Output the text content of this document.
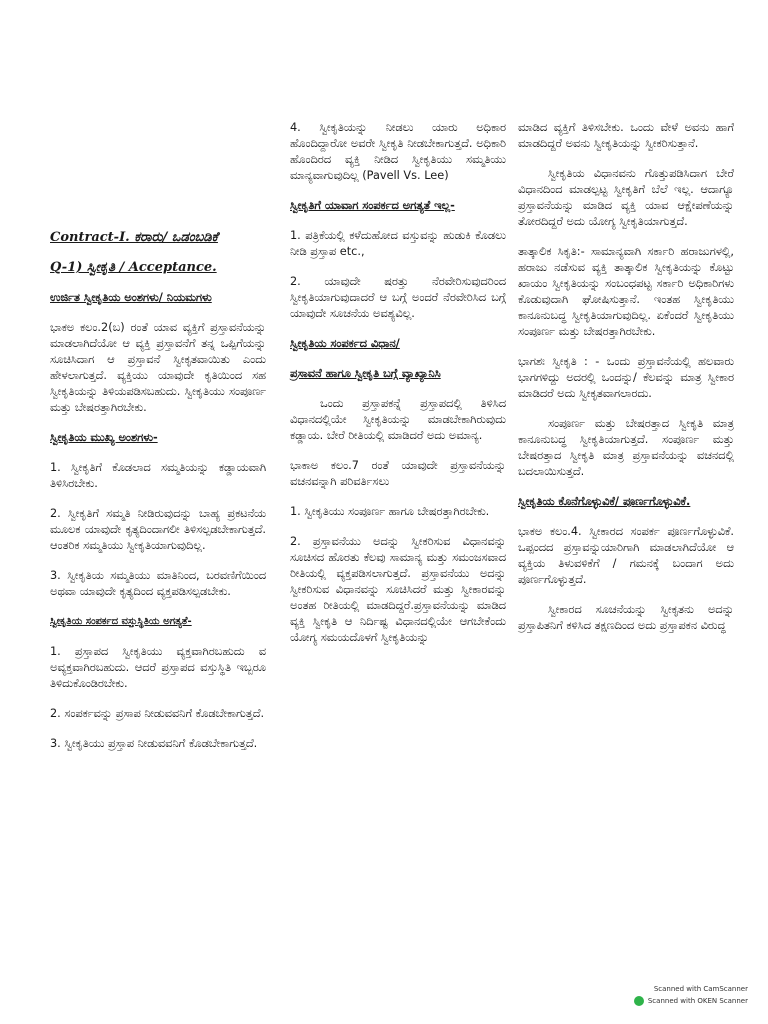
Contract-I. ಕರಾರು/ ಒಡಂಬಡಿಕೆ

Q-1) ಸ್ವೀಕೃತಿ / Acceptance.

ಉರ್ಜಿತ ಸ್ವೀಕೃತಿಯ ಅಂಶಗಳು/ ನಿಯಮಗಳು

ಭಾಕಅ ಕಲಂ.2(ಬ) ರಂತೆ ಯಾವ ವ್ಯಕ್ತಿಗೆ ಪ್ರಸ್ತಾವನೆಯನ್ನು ಮಾಡಲಾಗಿದೆಯೋ ಆ ವ್ಯಕ್ತಿ ಪ್ರಸ್ತಾವನೆಗೆ ತನ್ನ ಒಪ್ಪಿಗೆಯನ್ನು ಸೂಚಿಸಿದಾಗ ಆ ಪ್ರಸ್ತಾವನೆ ಸ್ವೀಕೃತವಾಯಿತು ಎಂದು ಹೇಳಲಾಗುತ್ತದೆ. ವ್ಯಕ್ತಿಯು ಯಾವುದೇ ಕೃತಿಯಿಂದ ಸಹ ಸ್ವೀಕೃತಿಯನ್ನು ತಿಳಿಯಪಡಿಸಬಹುದು. ಸ್ವೀಕೃತಿಯು ಸಂಪೂರ್ಣ ಮತ್ತು ಬೇಷರತ್ತಾಗಿರಬೇಕು.

ಸ್ವೀಕೃತಿಯ ಮುಖ್ಯ ಅಂಶಗಳು-

1. ಸ್ವೀಕೃತಿಗೆ ಕೊಡಲಾದ ಸಮ್ಮತಿಯನ್ನು ಕಡ್ಡಾಯವಾಗಿ ತಿಳಿಸಿರಬೇಕು.

2. ಸ್ವೀಕೃತಿಗೆ ಸಮ್ಮತಿ ನೀಡಿರುವುದನ್ನು ಬಾಹ್ಯ ಪ್ರಕಟನೆಯ ಮೂಲಕ ಯಾವುದೇ ಕೃತ್ಯದಿಂದಾಗಲೀ ತಿಳಿಸಲ್ಪಡಬೇಕಾಗುತ್ತದೆ. ಆಂತರಿಕ ಸಮ್ಮತಿಯು ಸ್ವೀಕೃತಿಯಾಗುವುದಿಲ್ಲ.

3. ಸ್ವೀಕೃತಿಯ ಸಮ್ಮತಿಯು ಮಾತಿನಿಂದ, ಬರವಣಿಗೆಯಿಂದ ಅಥವಾ ಯಾವುದೇ ಕೃತ್ಯದಿಂದ ವ್ಯಕ್ತಪಡಿಸಲ್ಪಡಬೇಕು.

ಸ್ವೀಕೃತಿಯ ಸಂಪರ್ಕದ ವಸ್ತುಸ್ಥಿತಿಯ ಅಗತ್ಯತೆ-

1. ಪ್ರಸ್ತಾಪದ ಸ್ವೀಕೃತಿಯು ವ್ಯಕ್ತವಾಗಿರಬಹುದು ವ ಅವ್ಯಕ್ತವಾಗಿರಬಹುದು. ಆದರೆ ಪ್ರಸ್ತಾಪದ ವಸ್ತುಸ್ಥಿತಿ ಇಬ್ಬರೂ ತಿಳಿದುಕೊಂಡಿರಬೇಕು.

2. ಸಂಪರ್ಕವನ್ನು ಪ್ರಸಾಪ ನೀಡುವವನಿಗೆ ಕೊಡಬೇಕಾಗುತ್ತದೆ.

3. ಸ್ವೀಕೃತಿಯು ಪ್ರಸ್ತಾಪ ನೀಡುವವನಿಗೆ ಕೊಡಬೇಕಾಗುತ್ತದೆ.

4. ಸ್ವೀಕೃತಿಯನ್ನು ನೀಡಲು ಯಾರು ಅಧಿಕಾರ ಹೊಂದಿದ್ದಾರೋ ಅವರೇ ಸ್ವೀಕೃತಿ ನೀಡಬೇಕಾಗುತ್ತದೆ. ಅಧಿಕಾರಿ ಹೊಂದಿರದ ವ್ಯಕ್ತಿ ನೀಡಿದ ಸ್ವೀಕೃತಿಯು ಸಮ್ಮತಿಯು ಮಾನ್ಯವಾಗುವುದಿಲ್ಲ (Pavell Vs. Lee)

ಸ್ವೀಕೃತಿಗೆ ಯಾವಾಗ ಸಂಪರ್ಕದ ಅಗತ್ಯತೆ ಇಲ್ಲ-

1. ಪತ್ರಿಕೆಯಲ್ಲಿ ಕಳೆದುಹೋದ ವಸ್ತುವನ್ನು ಹುಡುಕಿ ಕೊಡಲು ನೀಡಿ ಪ್ರಸ್ತಾಪ etc.,

2. ಯಾವುದೇ ಷರತ್ತು ನೆರವೇರಿಸುವುದರಿಂದ ಸ್ವೀಕೃತಿಯಾಗುವುದಾದರೆ ಆ ಬಗ್ಗೆ ಅಂದರೆ ನೆರವೇರಿಸಿದ ಬಗ್ಗೆ ಯಾವುದೇ ಸೂಚನೆಯ ಅವಶ್ಯವಿಲ್ಲ.

ಸ್ವೀಕೃತಿಯ ಸಂಪರ್ಕದ ವಿಧಾನ/

ಪ್ರಸಾವನೆ ಹಾಗೂ ಸ್ವೀಕೃತಿ ಬಗ್ಗೆ ವ್ಯಾಖ್ಯಾನಿಸಿ

ಒಂದು ಪ್ರಸ್ತಾಪಕನ್ನೆ ಪ್ರಸ್ತಾಪದಲ್ಲಿ ತಿಳಿಸಿದ ವಿಧಾನದಲ್ಲಿಯೇ ಸ್ವೀಕೃತಿಯನ್ನು ಮಾಡಬೇಕಾಗಿರುವುದು ಕಡ್ಡಾಯ. ಬೇರೆ ರೀತಿಯಲ್ಲಿ ಮಾಡಿದರೆ ಅದು ಅಮಾನ್ಯ.

ಭಾಕಾಅ ಕಲಂ.7 ರಂತೆ ಯಾವುದೇ ಪ್ರಸ್ತಾವನೆಯನ್ನು ವಚನವನ್ನಾಗಿ ಪರಿವರ್ತಿಸಲು

1. ಸ್ವೀಕೃತಿಯು ಸಂಪೂರ್ಣ ಹಾಗೂ ಬೇಷರತ್ತಾಗಿರಬೇಕು.

2. ಪ್ರಸ್ತಾವನೆಯು ಅದನ್ನು ಸ್ವೀಕರಿಸುವ ವಿಧಾನವನ್ನು ಸೂಚಿಸದ ಹೊರತು ಕೆಲವು ಸಾಮಾನ್ಯ ಮತ್ತು ಸಮಂಜಸವಾದ ರೀತಿಯಲ್ಲಿ ವ್ಯಕ್ತಪಡಿಸಲಾಗುತ್ತದೆ. ಪ್ರಸ್ತಾವನೆಯು ಅದನ್ನು ಸ್ವೀಕರಿಸುವ ವಿಧಾನವನ್ನು ಸೂಚಿಸಿದರೆ ಮತ್ತು ಸ್ವೀಕಾರವನ್ನು ಅಂತಹ ರೀತಿಯಲ್ಲಿ ಮಾಡದಿದ್ದರೆ.ಪ್ರಸ್ತಾವನೆಯನ್ನು ಮಾಡಿದ ವ್ಯಕ್ತಿ ಸ್ವೀಕೃತಿ ಆ ನಿರ್ದಿಷ್ಟ ವಿಧಾನದಲ್ಲಿಯೇ ಆಗಬೇಕೆಂದು ಯೋಗ್ಯ ಸಮಯದೊಳಗೆ ಸ್ವೀಕೃತಿಯನ್ನು

ಮಾಡಿದ ವ್ಯಕ್ತಿಗೆ ತಿಳಿಸಬೇಕು. ಒಂದು ವೇಳೆ ಅವನು ಹಾಗೆ ಮಾಡದಿದ್ದರೆ ಅವನು ಸ್ವೀಕೃತಿಯನ್ನು ಸ್ವೀಕರಿಸುತ್ತಾನೆ.

ಸ್ವೀಕೃತಿಯ ವಿಧಾನವನು ಗೊತ್ತುಪಡಿಸಿದಾಗ ಬೇರೆ ವಿಧಾನದಿಂದ ಮಾಡಲ್ಪಟ್ಟ ಸ್ವೀಕೃತಿಗೆ ಬೆಲೆ ಇಲ್ಲ. ಆದಾಗ್ಯೂ ಪ್ರಸ್ತಾವನೆಯನ್ನು ಮಾಡಿದ ವ್ಯಕ್ತಿ ಯಾವ ಆಕ್ಷೇಪಣೆಯನ್ನು ತೋರದಿದ್ದರೆ ಅದು ಯೋಗ್ಯ ಸ್ವೀಕೃತಿಯಾಗುತ್ತದೆ.

ತಾತ್ಕಾಲಿಕ ಸಿಕೃತಿ:- ಸಾಮಾನ್ಯವಾಗಿ ಸರ್ಕಾರಿ ಹರಾಜುಗಳಲ್ಲಿ, ಹರಾಜು ನಡೆಸುವ ವ್ಯಕ್ತಿ ತಾತ್ಕಾಲಿಕ ಸ್ವೀಕೃತಿಯನ್ನು ಕೊಟ್ಟು ಖಾಯಂ ಸ್ವೀಕೃತಿಯನ್ನು ಸಂಬಂಧಪಟ್ಟ ಸರ್ಕಾರಿ ಅಧಿಕಾರಿಗಳು ಕೊಡುವುದಾಗಿ ಘೋಷಿಸುತ್ತಾನೆ. ಇಂತಹ ಸ್ವೀಕೃತಿಯು ಕಾನೂನುಬದ್ಧ ಸ್ವೀಕೃತಿಯಾಗುವುದಿಲ್ಲ. ಏಕೆಂದರೆ ಸ್ವೀಕೃತಿಯು ಸಂಪೂರ್ಣ ಮತ್ತು ಬೇಷರತ್ತಾಗಿರಬೇಕು.

ಭಾಗಶಃ ಸ್ವೀಕೃತಿ : - ಒಂದು ಪ್ರಸ್ತಾವನೆಯಲ್ಲಿ ಹಲವಾರು ಭಾಗಗಳಿದ್ದು ಅದರಲ್ಲಿ ಒಂದನ್ನು/ ಕೆಲವನ್ನು ಮಾತ್ರ ಸ್ವೀಕಾರ ಮಾಡಿದರೆ ಅದು ಸ್ವೀಕೃತವಾಗಲಾರದು.

ಸಂಪೂರ್ಣ ಮತ್ತು ಬೇಷರತ್ತಾದ ಸ್ವೀಕೃತಿ ಮಾತ್ರ ಕಾನೂನುಬದ್ಧ ಸ್ವೀಕೃತಿಯಾಗುತ್ತದೆ. ಸಂಪೂರ್ಣ ಮತ್ತು ಬೇಷರತ್ತಾದ ಸ್ವೀಕೃತಿ ಮಾತ್ರ ಪ್ರಸ್ತಾವನೆಯನ್ನು ವಚನದಲ್ಲಿ ಬದಲಾಯಿಸುತ್ತದೆ.

ಸ್ವೀಕೃತಿಯ ಕೊನೆಗೊಳ್ಳುವಿಕೆ/ ಪೂರ್ಣಗೊಳ್ಳುವಿಕೆ.

ಭಾಕಅ ಕಲಂ.4. ಸ್ವೀಕಾರದ ಸಂಪರ್ಕ ಪೂರ್ಣಗೊಳ್ಳುವಿಕೆ. ಒಪ್ಪಂದದ ಪ್ರಸ್ತಾವನ್ನುಯಾರಿಗಾಗಿ ಮಾಡಲಾಗಿದೆಯೋ ಆ ವ್ಯಕ್ತಿಯ ತಿಳುವಳಿಕೆಗೆ / ಗಮನಕ್ಕೆ ಬಂದಾಗ ಅದು ಪೂರ್ಣಗೊಳ್ಳುತ್ತದೆ.

ಸ್ವೀಕಾರದ ಸೂಚನೆಯನ್ನು ಸ್ವೀಕೃತನು ಅದನ್ನು ಪ್ರಸ್ತಾಪಿತನಿಗೆ ಕಳಿಸಿದ ತಕ್ಷಣದಿಂದ ಅದು ಪ್ರಸ್ತಾಪಕನ ವಿರುದ್ಧ

Scanned with CamScanner
Scanned with OKEN Scanner
